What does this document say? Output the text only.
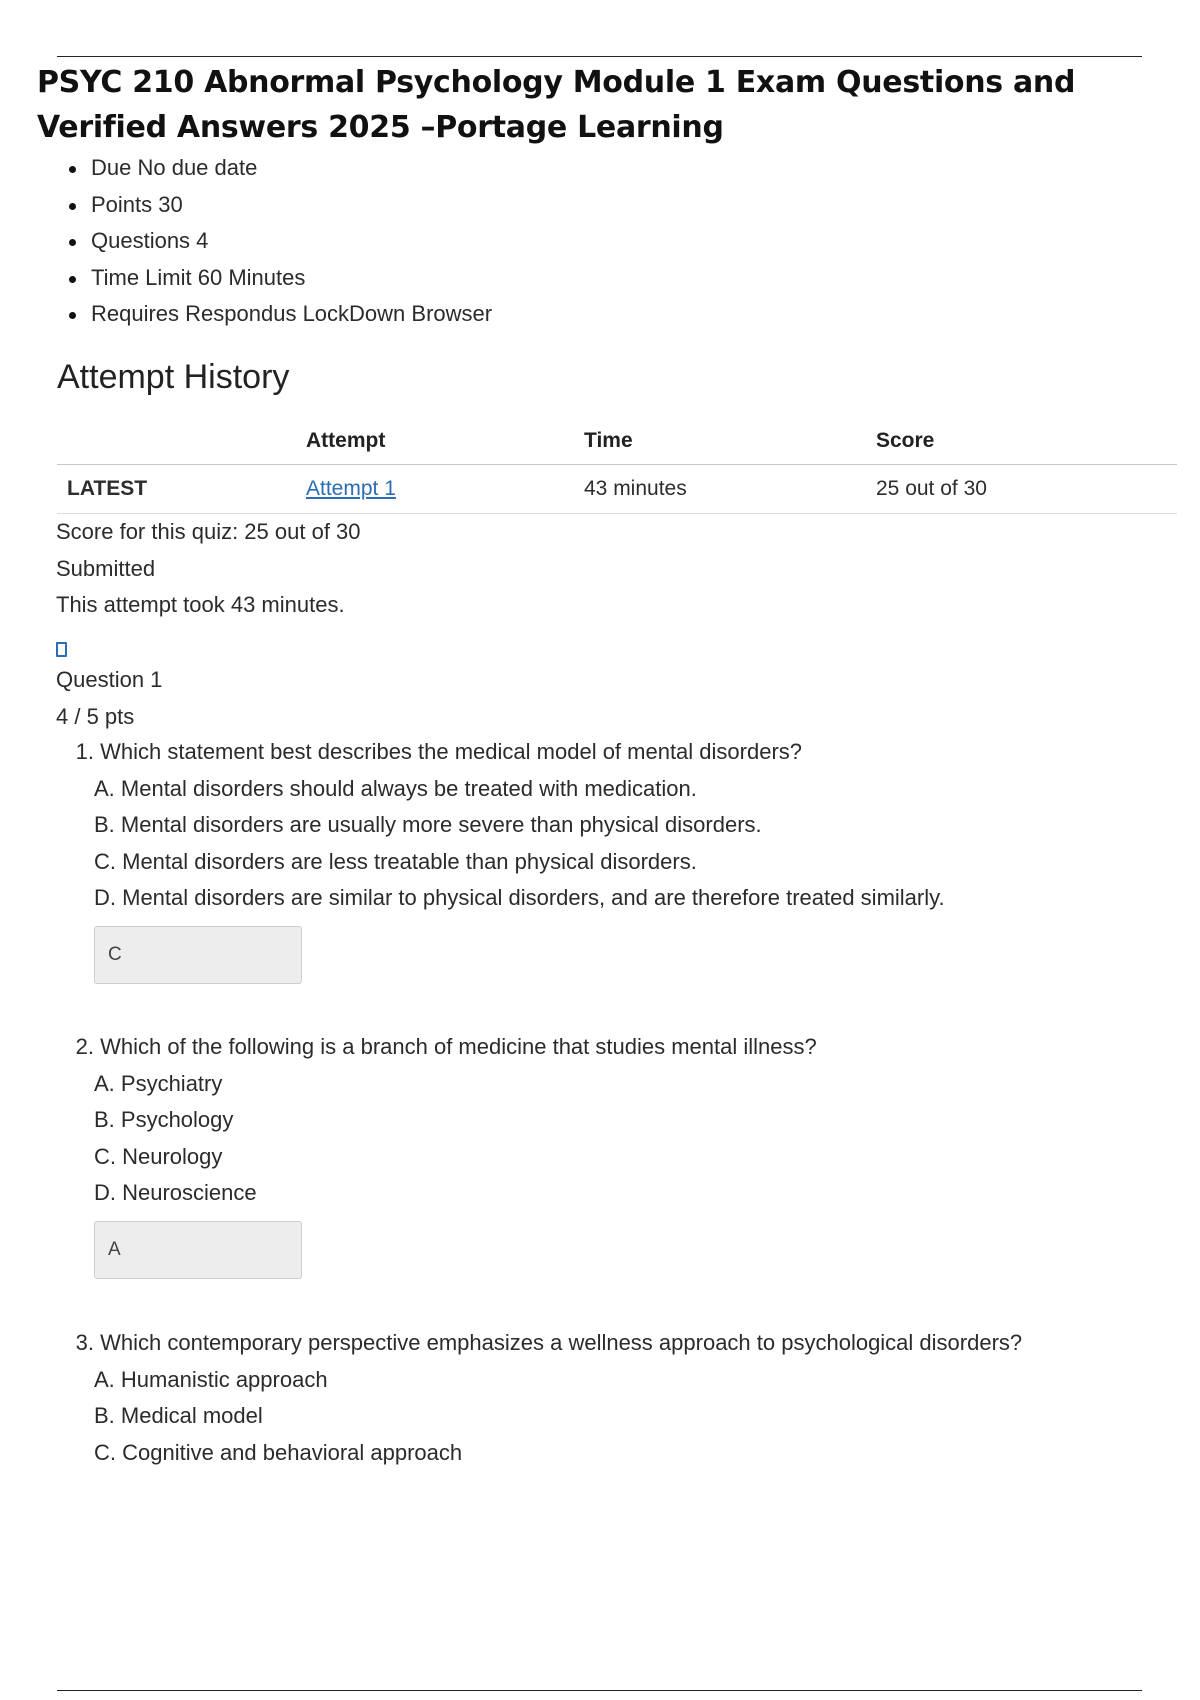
PSYC 210 Abnormal Psychology Module 1 Exam Questions and Verified Answers 2025 –Portage Learning
Due No due date
Points 30
Questions 4
Time Limit 60 Minutes
Requires Respondus LockDown Browser
Attempt History
	Attempt	Time	Score
LATEST	Attempt 1	43 minutes	25 out of 30
Score for this quiz: 25 out of 30
Submitted
This attempt took 43 minutes.
Question 1
4 / 5 pts
1. Which statement best describes the medical model of mental disorders?
A. Mental disorders should always be treated with medication.
B. Mental disorders are usually more severe than physical disorders.
C. Mental disorders are less treatable than physical disorders.
D. Mental disorders are similar to physical disorders, and are therefore treated similarly.
C
2. Which of the following is a branch of medicine that studies mental illness?
A. Psychiatry
B. Psychology
C. Neurology
D. Neuroscience
A
3. Which contemporary perspective emphasizes a wellness approach to psychological disorders?
A. Humanistic approach
B. Medical model
C. Cognitive and behavioral approach
